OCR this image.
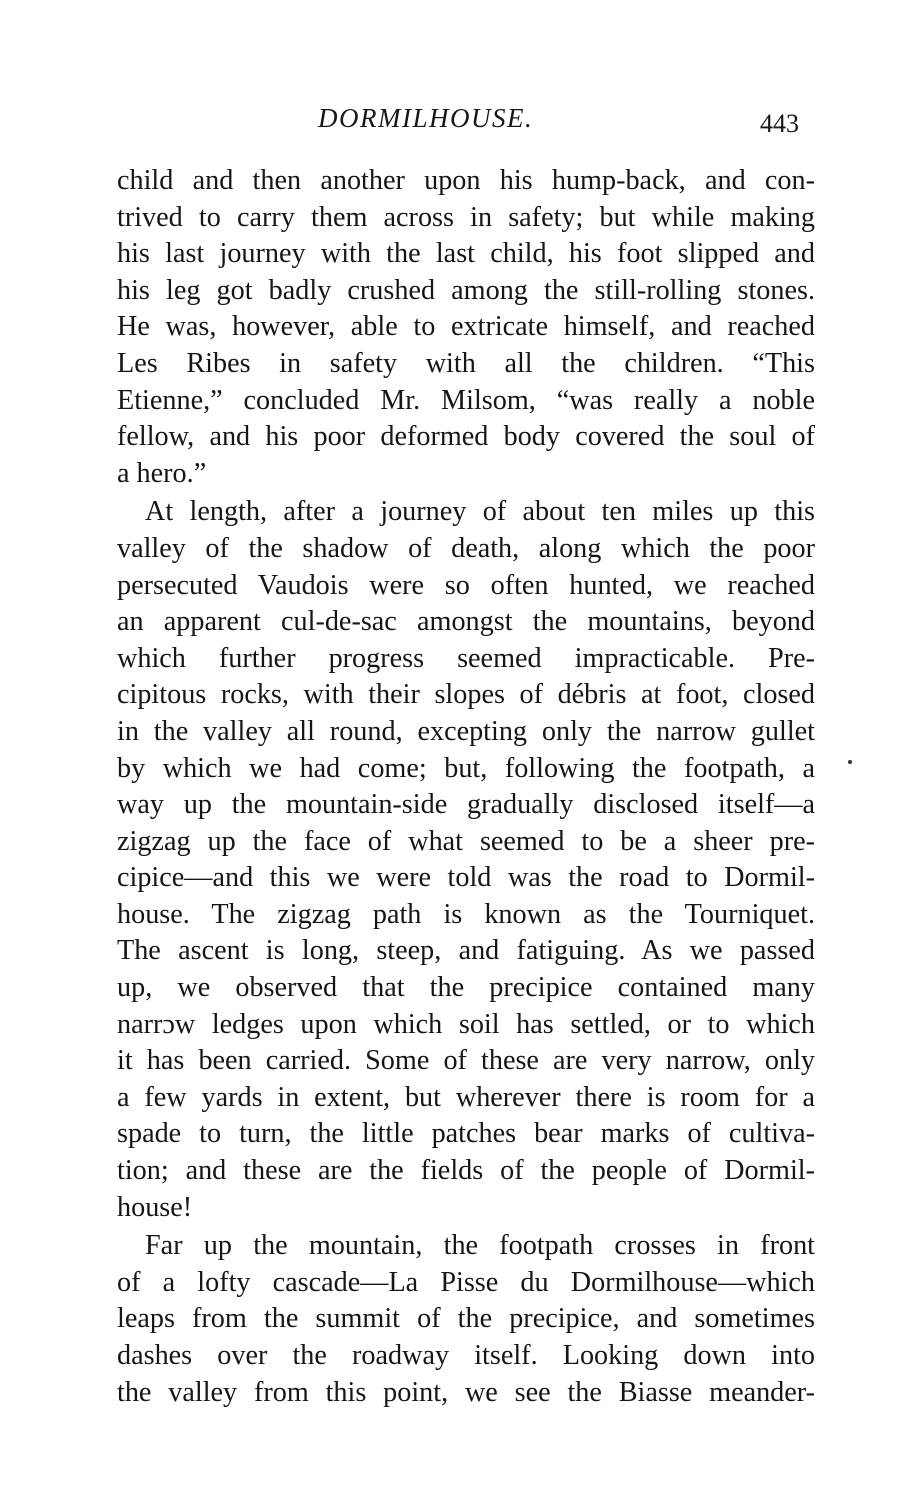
DORMILHOUSE.	443
child and then another upon his hump-back, and con-
trived to carry them across in safety; but while making
his last journey with the last child, his foot slipped and
his leg got badly crushed among the still-rolling stones.
He was, however, able to extricate himself, and reached
Les Ribes in safety with all the children. “This
Etienne,” concluded Mr. Milsom, “was really a noble
fellow, and his poor deformed body covered the soul of
a hero.”
At length, after a journey of about ten miles up this
valley of the shadow of death, along which the poor
persecuted Vaudois were so often hunted, we reached
an apparent cul-de-sac amongst the mountains, beyond
which further progress seemed impracticable. Pre-
cipitous rocks, with their slopes of débris at foot, closed
in the valley all round, excepting only the narrow gullet
by which we had come; but, following the footpath, a
way up the mountain-side gradually disclosed itself—a
zigzag up the face of what seemed to be a sheer pre-
cipice—and this we were told was the road to Dormil-
house. The zigzag path is known as the Tourniquet.
The ascent is long, steep, and fatiguing. As we passed
up, we observed that the precipice contained many
narrɔw ledges upon which soil has settled, or to which
it has been carried. Some of these are very narrow, only
a few yards in extent, but wherever there is room for a
spade to turn, the little patches bear marks of cultiva-
tion; and these are the fields of the people of Dormil-
house!
Far up the mountain, the footpath crosses in front
of a lofty cascade—La Pisse du Dormilhouse—which
leaps from the summit of the precipice, and sometimes
dashes over the roadway itself. Looking down into
the valley from this point, we see the Biasse meander-
